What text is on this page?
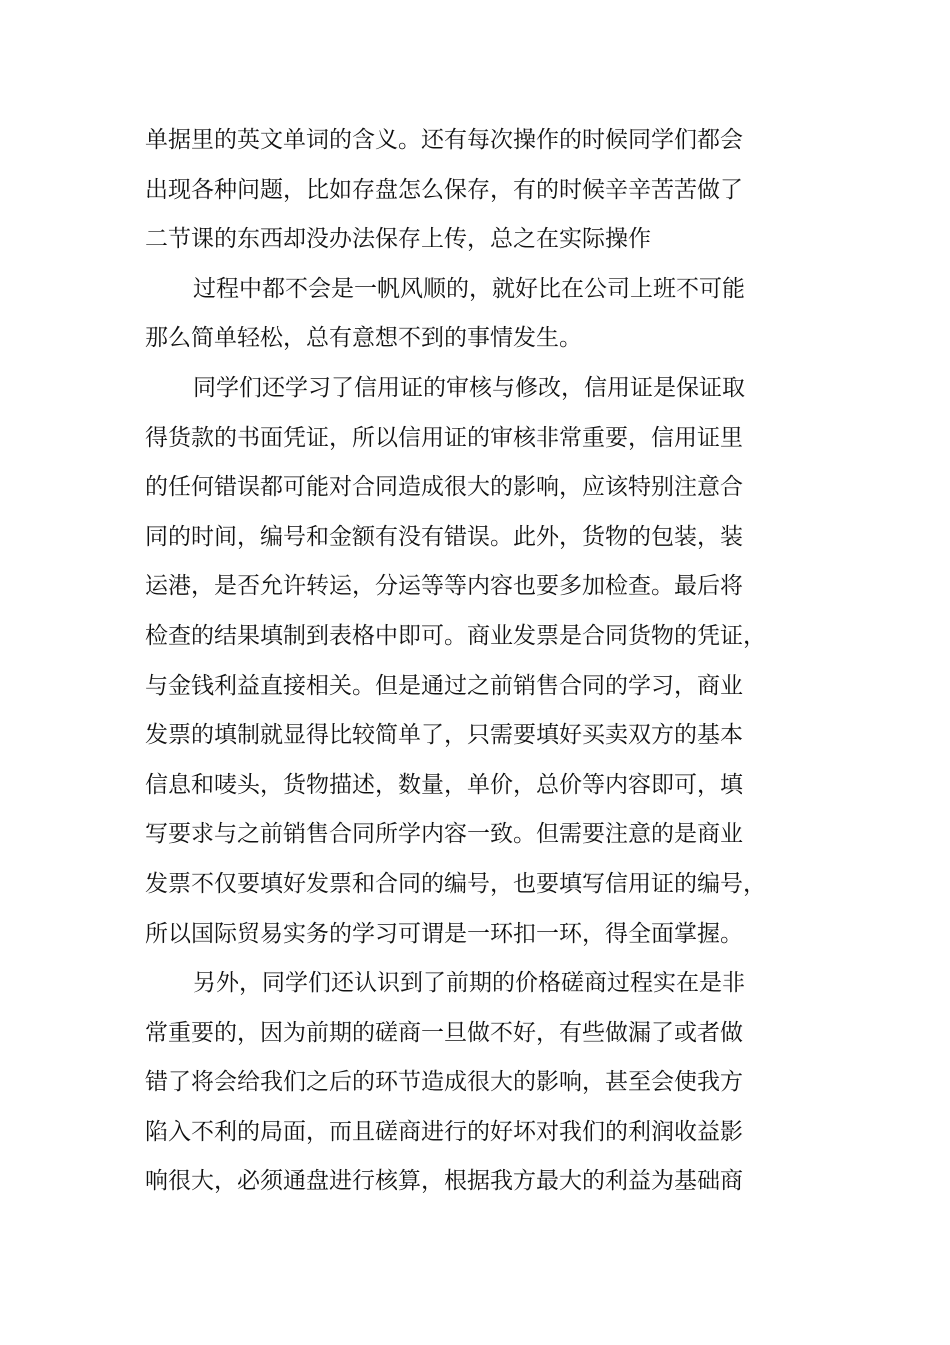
单据里的英文单词的含义。还有每次操作的时候同学们都会
出现各种问题，比如存盘怎么保存，有的时候辛辛苦苦做了
二节课的东西却没办法保存上传，总之在实际操作
过程中都不会是一帆风顺的，就好比在公司上班不可能
那么简单轻松，总有意想不到的事情发生。
同学们还学习了信用证的审核与修改，信用证是保证取
得货款的书面凭证，所以信用证的审核非常重要，信用证里
的任何错误都可能对合同造成很大的影响，应该特别注意合
同的时间，编号和金额有没有错误。此外，货物的包装，装
运港，是否允许转运，分运等等内容也要多加检查。最后将
检查的结果填制到表格中即可。商业发票是合同货物的凭证，
与金钱利益直接相关。但是通过之前销售合同的学习，商业
发票的填制就显得比较简单了，只需要填好买卖双方的基本
信息和唛头，货物描述，数量，单价，总价等内容即可，填
写要求与之前销售合同所学内容一致。但需要注意的是商业
发票不仅要填好发票和合同的编号，也要填写信用证的编号，
所以国际贸易实务的学习可谓是一环扣一环，得全面掌握。
另外，同学们还认识到了前期的价格磋商过程实在是非
常重要的，因为前期的磋商一旦做不好，有些做漏了或者做
错了将会给我们之后的环节造成很大的影响，甚至会使我方
陷入不利的局面，而且磋商进行的好坏对我们的利润收益影
响很大，必须通盘进行核算，根据我方最大的利益为基础商
